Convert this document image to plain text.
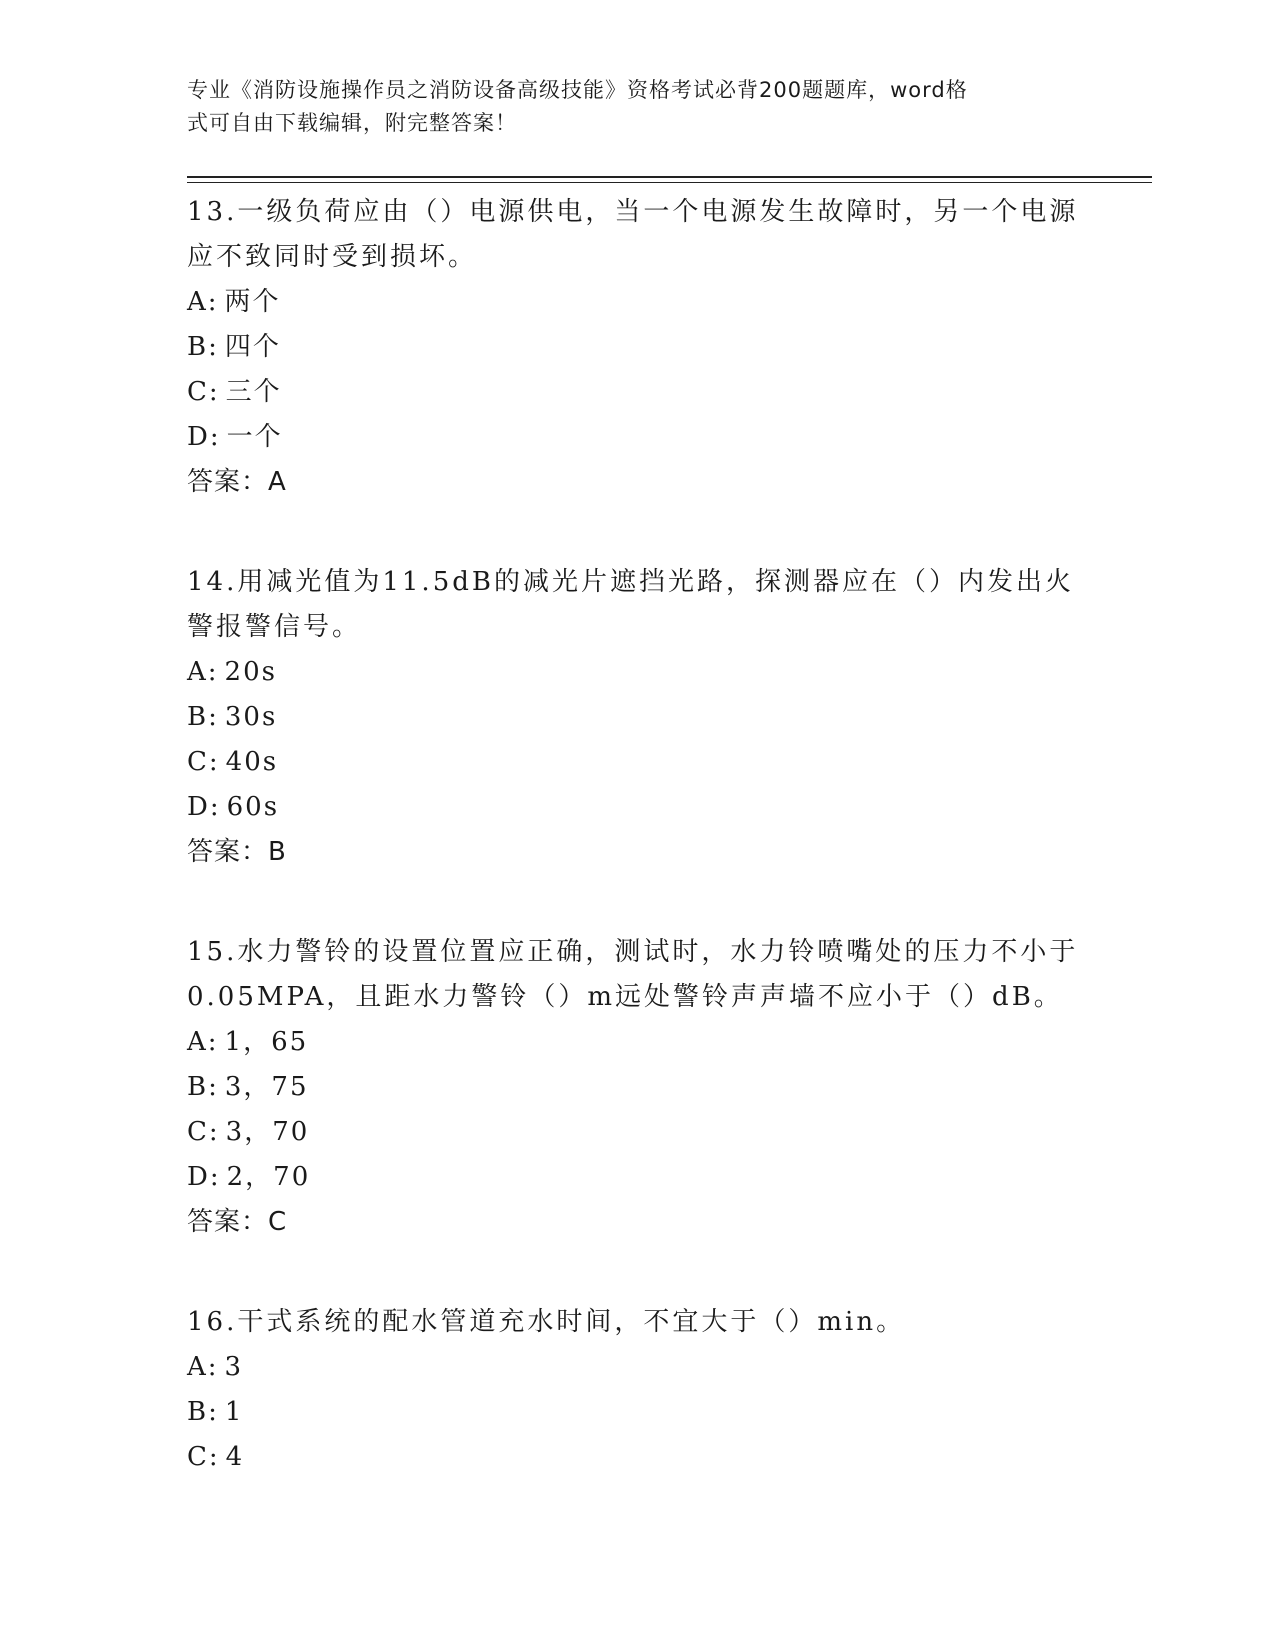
专业《消防设施操作员之消防设备高级技能》资格考试必背200题题库，word格
式可自由下载编辑，附完整答案！
13.一级负荷应由（）电源供电，当一个电源发生故障时，另一个电源
应不致同时受到损坏。
A: 两个
B: 四个
C: 三个
D: 一个
答案：A
14.用减光值为11.5dB的减光片遮挡光路，探测器应在（）内发出火
警报警信号。
A: 20s
B: 30s
C: 40s
D: 60s
答案：B
15.水力警铃的设置位置应正确，测试时，水力铃喷嘴处的压力不小于
0.05MPA，且距水力警铃（）m远处警铃声声墙不应小于（）dB。
A: 1，65
B: 3，75
C: 3，70
D: 2，70
答案：C
16.干式系统的配水管道充水时间，不宜大于（）min。
A: 3
B: 1
C: 4
